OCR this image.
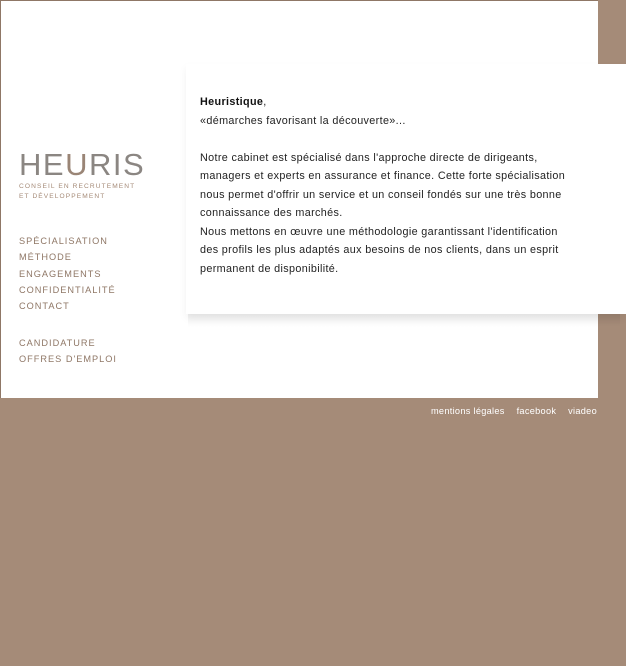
HEURIS
CONSEIL EN RECRUTEMENT
ET DÉVELOPPEMENT
SPÉCIALISATION
MÉTHODE
ENGAGEMENTS
CONFIDENTIALITÉ
CONTACT
CANDIDATURE
OFFRES D'EMPLOI

Heuristique,
«démarches favorisant la découverte»...

Notre cabinet est spécialisé dans l'approche directe de dirigeants,
managers et experts en assurance et finance. Cette forte spécialisation
nous permet d'offrir un service et un conseil fondés sur une très bonne
connaissance des marchés.
Nous mettons en œuvre une méthodologie garantissant l'identification
des profils les plus adaptés aux besoins de nos clients, dans un esprit
permanent de disponibilité.

mentions légales facebook viadeo
